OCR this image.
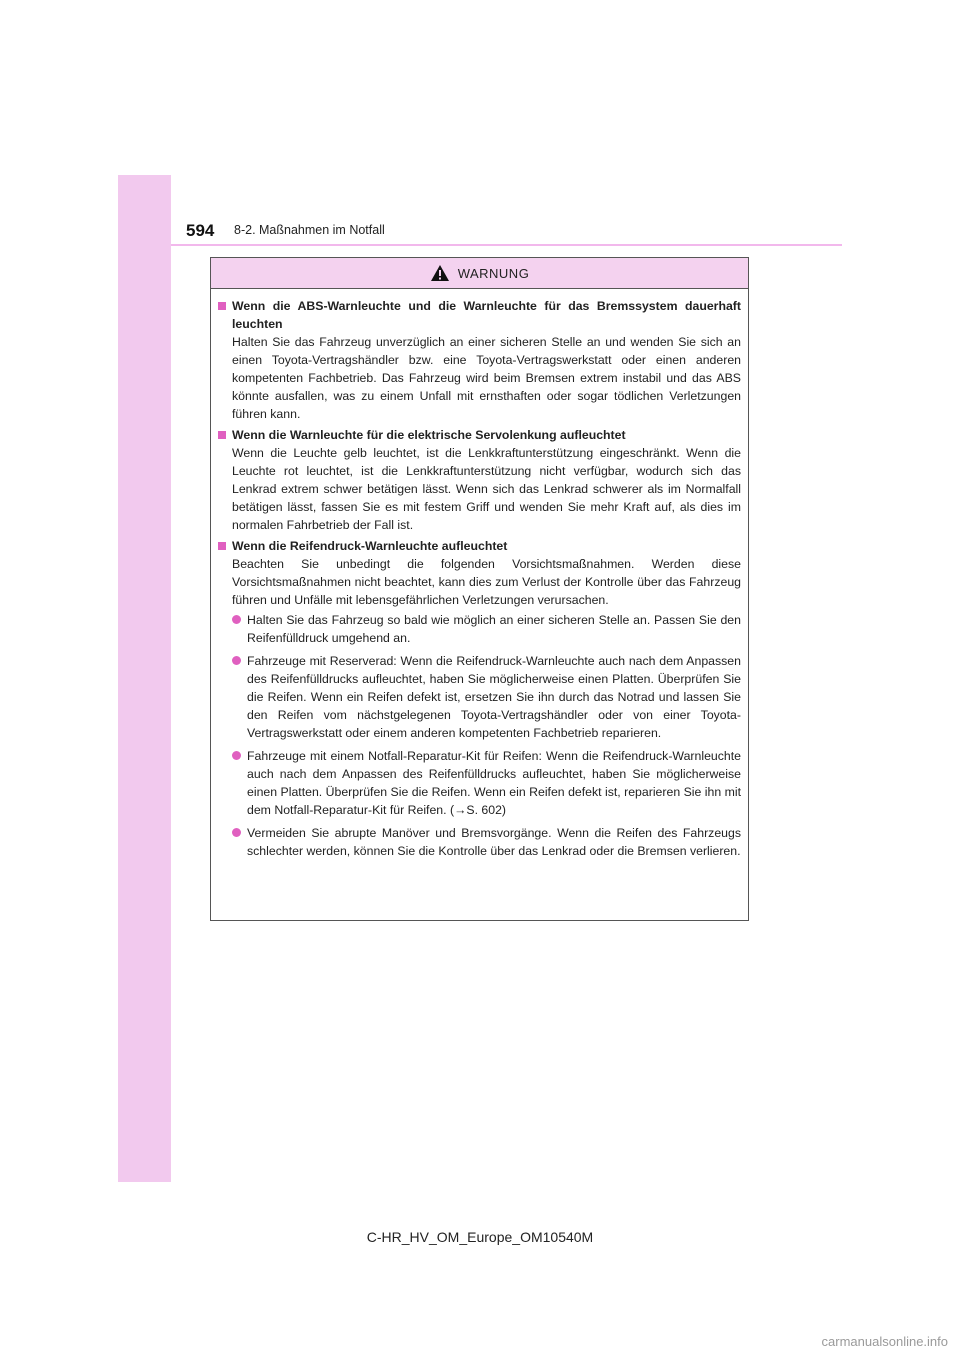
594 8-2. Maßnahmen im Notfall
WARNUNG
Wenn die ABS-Warnleuchte und die Warnleuchte für das Bremssystem dauerhaft leuchten
Halten Sie das Fahrzeug unverzüglich an einer sicheren Stelle an und wenden Sie sich an einen Toyota-Vertragshändler bzw. eine Toyota-Vertragswerkstatt oder einen anderen kompetenten Fachbetrieb. Das Fahrzeug wird beim Bremsen extrem instabil und das ABS könnte ausfallen, was zu einem Unfall mit ernsthaften oder sogar tödlichen Verletzungen führen kann.
Wenn die Warnleuchte für die elektrische Servolenkung aufleuchtet
Wenn die Leuchte gelb leuchtet, ist die Lenkkraftunterstützung eingeschränkt. Wenn die Leuchte rot leuchtet, ist die Lenkkraftunterstützung nicht verfügbar, wodurch sich das Lenkrad extrem schwer betätigen lässt. Wenn sich das Lenkrad schwerer als im Normalfall betätigen lässt, fassen Sie es mit festem Griff und wenden Sie mehr Kraft auf, als dies im normalen Fahrbetrieb der Fall ist.
Wenn die Reifendruck-Warnleuchte aufleuchtet
Beachten Sie unbedingt die folgenden Vorsichtsmaßnahmen. Werden diese Vorsichtsmaßnahmen nicht beachtet, kann dies zum Verlust der Kontrolle über das Fahrzeug führen und Unfälle mit lebensgefährlichen Verletzungen verursachen.
Halten Sie das Fahrzeug so bald wie möglich an einer sicheren Stelle an. Passen Sie den Reifenfülldruck umgehend an.
Fahrzeuge mit Reserverad: Wenn die Reifendruck-Warnleuchte auch nach dem Anpassen des Reifenfülldrucks aufleuchtet, haben Sie möglicherweise einen Platten. Überprüfen Sie die Reifen. Wenn ein Reifen defekt ist, ersetzen Sie ihn durch das Notrad und lassen Sie den Reifen vom nächstgelegenen Toyota-Vertragshändler oder von einer Toyota-Vertragswerkstatt oder einem anderen kompetenten Fachbetrieb reparieren.
Fahrzeuge mit einem Notfall-Reparatur-Kit für Reifen: Wenn die Reifendruck-Warnleuchte auch nach dem Anpassen des Reifenfülldrucks aufleuchtet, haben Sie möglicherweise einen Platten. Überprüfen Sie die Reifen. Wenn ein Reifen defekt ist, reparieren Sie ihn mit dem Notfall-Reparatur-Kit für Reifen. (→S. 602)
Vermeiden Sie abrupte Manöver und Bremsvorgänge. Wenn die Reifen des Fahrzeugs schlechter werden, können Sie die Kontrolle über das Lenkrad oder die Bremsen verlieren.
C-HR_HV_OM_Europe_OM10540M
carmanualsonline.info
